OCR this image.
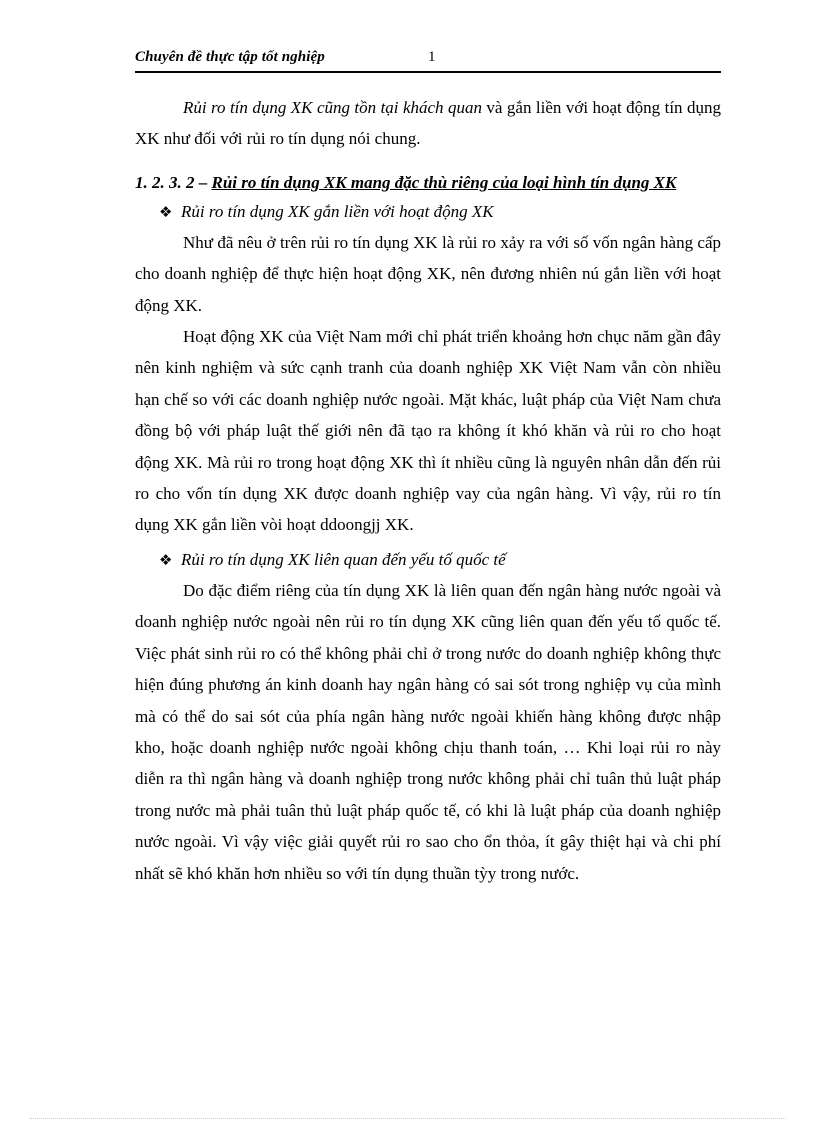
Chuyên đề thực tập tốt nghiệp	1

Rủi ro tín dụng XK cũng tồn tại khách quan và gắn liền với hoạt động tín dụng XK như đối với rủi ro tín dụng nói chung.

1. 2. 3. 2 – Rủi ro tín dụng XK mang đặc thù riêng của loại hình tín dụng XK
❖ Rủi ro tín dụng XK gắn liền với hoạt động XK

Như đã nêu ở trên rủi ro tín dụng XK là rủi ro xảy ra với số vốn ngân hàng cấp cho doanh nghiệp để thực hiện hoạt động XK, nên đương nhiên nú gắn liền với hoạt động XK.

Hoạt động XK của Việt Nam mới chỉ phát triển khoảng hơn chục năm gần đây nên kinh nghiệm và sức cạnh tranh của doanh nghiệp XK Việt Nam vẫn còn nhiều hạn chế so với các doanh nghiệp nước ngoài. Mặt khác, luật pháp của Việt Nam chưa đồng bộ với pháp luật thế giới nên đã tạo ra không ít khó khăn và rủi ro cho hoạt động XK. Mà rủi ro trong hoạt động XK thì ít nhiều cũng là nguyên nhân dẫn đến rủi ro cho vốn tín dụng XK được doanh nghiệp vay của ngân hàng. Vì vậy, rủi ro tín dụng XK gắn liền vòi hoạt ddoongjj XK.

❖ Rủi ro tín dụng XK liên quan đến yếu tố quốc tế

Do đặc điểm riêng của tín dụng XK là liên quan đến ngân hàng nước ngoài và doanh nghiệp nước ngoài nên rủi ro tín dụng XK cũng liên quan đến yếu tố quốc tế. Việc phát sinh rủi ro có thể không phải chỉ ở trong nước do doanh nghiệp không thực hiện đúng phương án kinh doanh hay ngân hàng có sai sót trong nghiệp vụ của mình mà có thể do sai sót của phía ngân hàng nước ngoài khiến hàng không được nhập kho, hoặc doanh nghiệp nước ngoài không chịu thanh toán, … Khi loại rủi ro này diễn ra thì ngân hàng và doanh nghiệp trong nước không phải chỉ tuân thủ luật pháp trong nước mà phải tuân thủ luật pháp quốc tế, có khi là luật pháp của doanh nghiệp nước ngoài. Vì vậy việc giải quyết rủi ro sao cho ổn thỏa, ít gây thiệt hại và chi phí nhất sẽ khó khăn hơn nhiều so với tín dụng thuần tỳy trong nước.
